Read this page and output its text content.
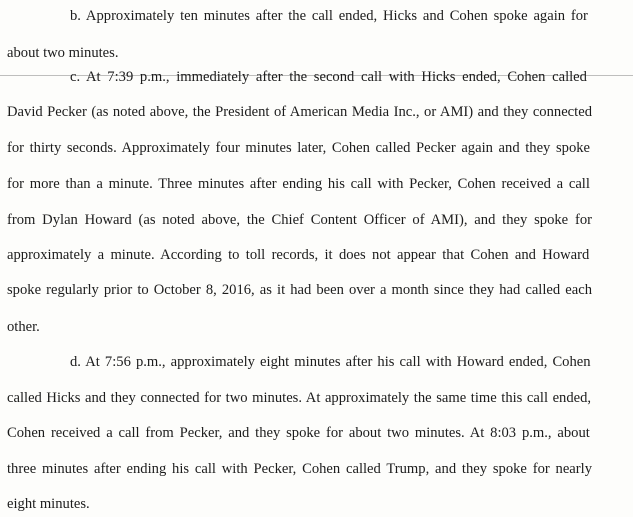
b. Approximately ten minutes after the call ended, Hicks and Cohen spoke again for

about two minutes.

c. At 7:39 p.m., immediately after the second call with Hicks ended, Cohen called

David Pecker (as noted above, the President of American Media Inc., or AMI) and they connected

for thirty seconds. Approximately four minutes later, Cohen called Pecker again and they spoke

for more than a minute. Three minutes after ending his call with Pecker, Cohen received a call

from Dylan Howard (as noted above, the Chief Content Officer of AMI), and they spoke for

approximately a minute. According to toll records, it does not appear that Cohen and Howard

spoke regularly prior to October 8, 2016, as it had been over a month since they had called each

other.

d. At 7:56 p.m., approximately eight minutes after his call with Howard ended, Cohen

called Hicks and they connected for two minutes. At approximately the same time this call ended,

Cohen received a call from Pecker, and they spoke for about two minutes. At 8:03 p.m., about

three minutes after ending his call with Pecker, Cohen called Trump, and they spoke for nearly

eight minutes.
